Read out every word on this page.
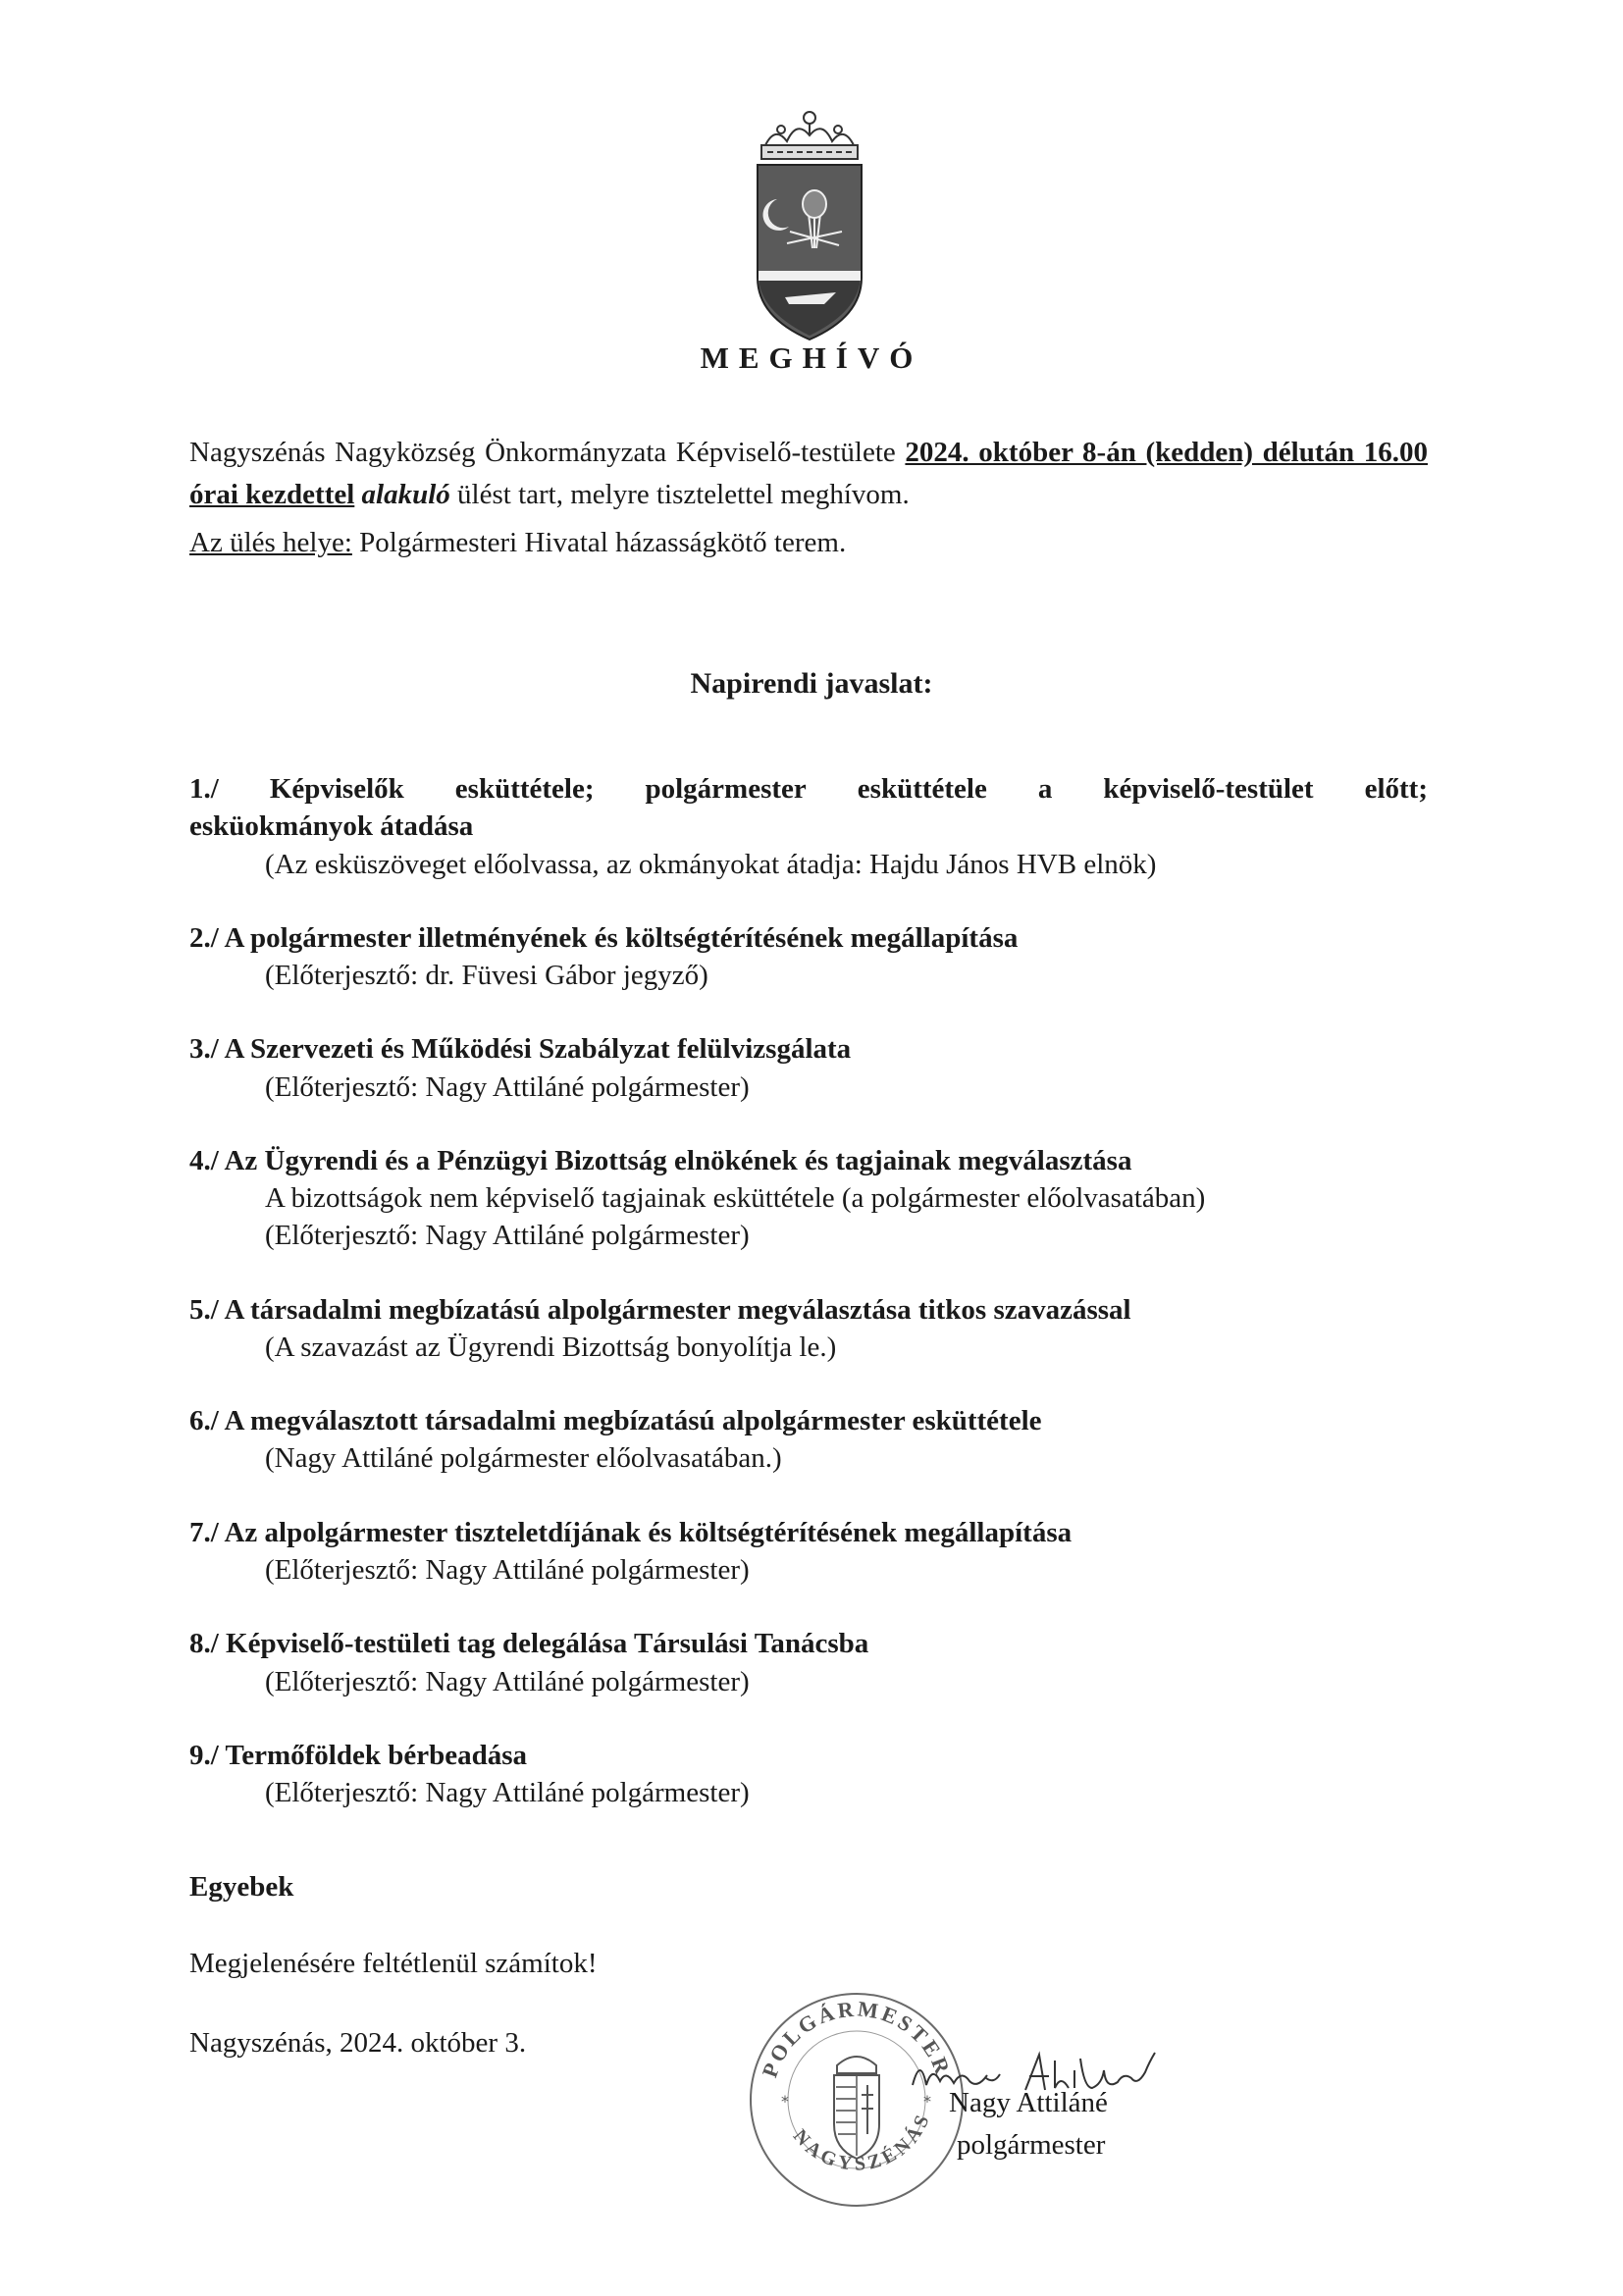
MEGHÍVÓ

Nagyszénás Nagyközség Önkormányzata Képviselő-testülete 2024. október 8-án (kedden) délután 16.00 órai kezdettel alakuló ülést tart, melyre tisztelettel meghívom.

Az ülés helye: Polgármesteri Hivatal házasságkötő terem.

Napirendi javaslat:
1./ Képviselők esküttétele; polgármester esküttétele a képviselő-testület előtt;
esküokmányok átadása
(Az esküszöveget előolvassa, az okmányokat átadja: Hajdu János HVB elnök)
2./ A polgármester illetményének és költségtérítésének megállapítása
(Előterjesztő: dr. Füvesi Gábor jegyző)
3./ A Szervezeti és Működési Szabályzat felülvizsgálata
(Előterjesztő: Nagy Attiláné polgármester)
4./ Az Ügyrendi és a Pénzügyi Bizottság elnökének és tagjainak megválasztása
A bizottságok nem képviselő tagjainak esküttétele (a polgármester előolvasatában)
(Előterjesztő: Nagy Attiláné polgármester)
5./ A társadalmi megbízatású alpolgármester megválasztása titkos szavazással
(A szavazást az Ügyrendi Bizottság bonyolítja le.)
6./ A megválasztott társadalmi megbízatású alpolgármester esküttétele
(Nagy Attiláné polgármester előolvasatában.)
7./ Az alpolgármester tiszteletdíjának és költségtérítésének megállapítása
(Előterjesztő: Nagy Attiláné polgármester)
8./ Képviselő-testületi tag delegálása Társulási Tanácsba
(Előterjesztő: Nagy Attiláné polgármester)
9./ Termőföldek bérbeadása
(Előterjesztő: Nagy Attiláné polgármester)
Egyebek
Megjelenésére feltétlenül számítok!
Nagyszénás, 2024. október 3.
POLGÁRMESTER
NAGYSZÉNÁS
*	* Nagy Attiláné
polgármester
